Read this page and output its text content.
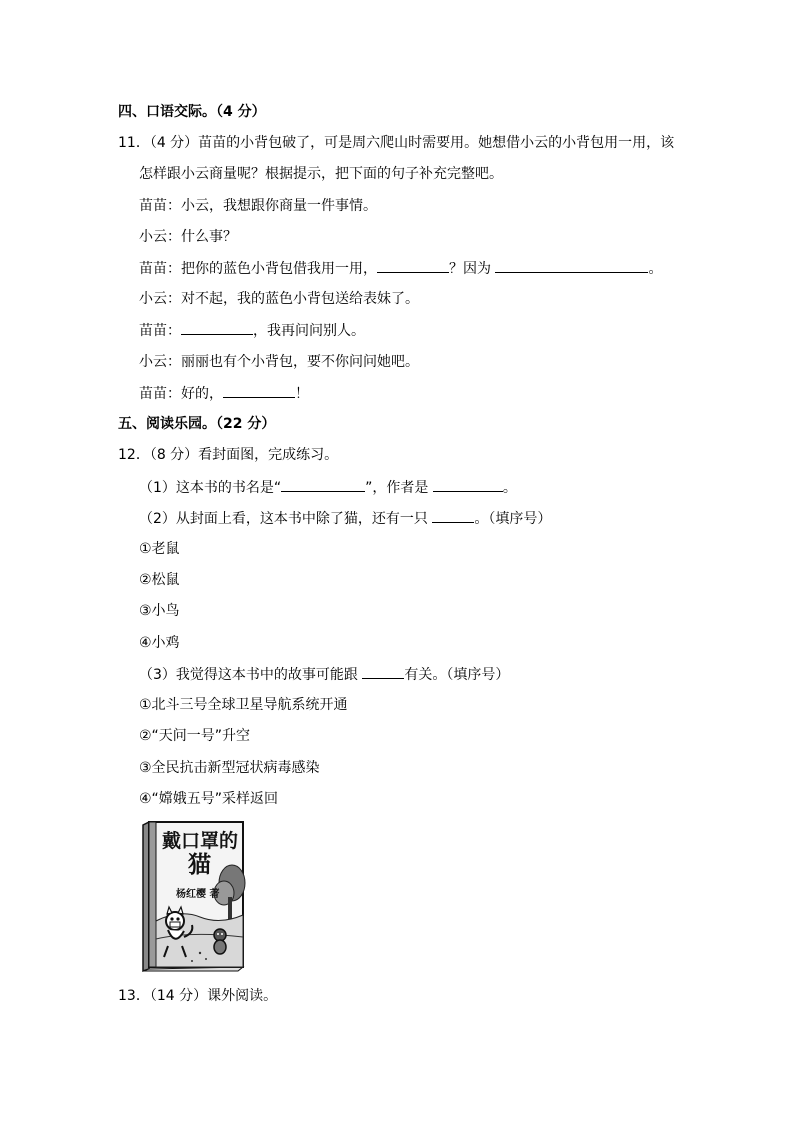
四、口语交际。（4 分）
11．（4 分）苗苗的小背包破了，可是周六爬山时需要用。她想借小云的小背包用一用，该
怎样跟小云商量呢？根据提示，把下面的句子补充完整吧。
苗苗：小云，我想跟你商量一件事情。
小云：什么事？
苗苗：把你的蓝色小背包借我用一用，	？因为	。
小云：对不起，我的蓝色小背包送给表妹了。
苗苗：	，我再问问别人。
小云：丽丽也有个小背包，要不你问问她吧。
苗苗：好的，	！
五、阅读乐园。（22 分）
12．（8 分）看封面图，完成练习。
（1）这本书的书名是“	”，作者是	。
（2）从封面上看，这本书中除了猫，还有一只	。（填序号）
①老鼠
②松鼠
③小鸟
④小鸡
（3）我觉得这本书中的故事可能跟	有关。（填序号）
①北斗三号全球卫星导航系统开通
②“天问一号”升空
③全民抗击新型冠状病毒感染
④“嫦娥五号”采样返回
戴口罩的
猫
杨红樱 著
13．（14 分）课外阅读。
